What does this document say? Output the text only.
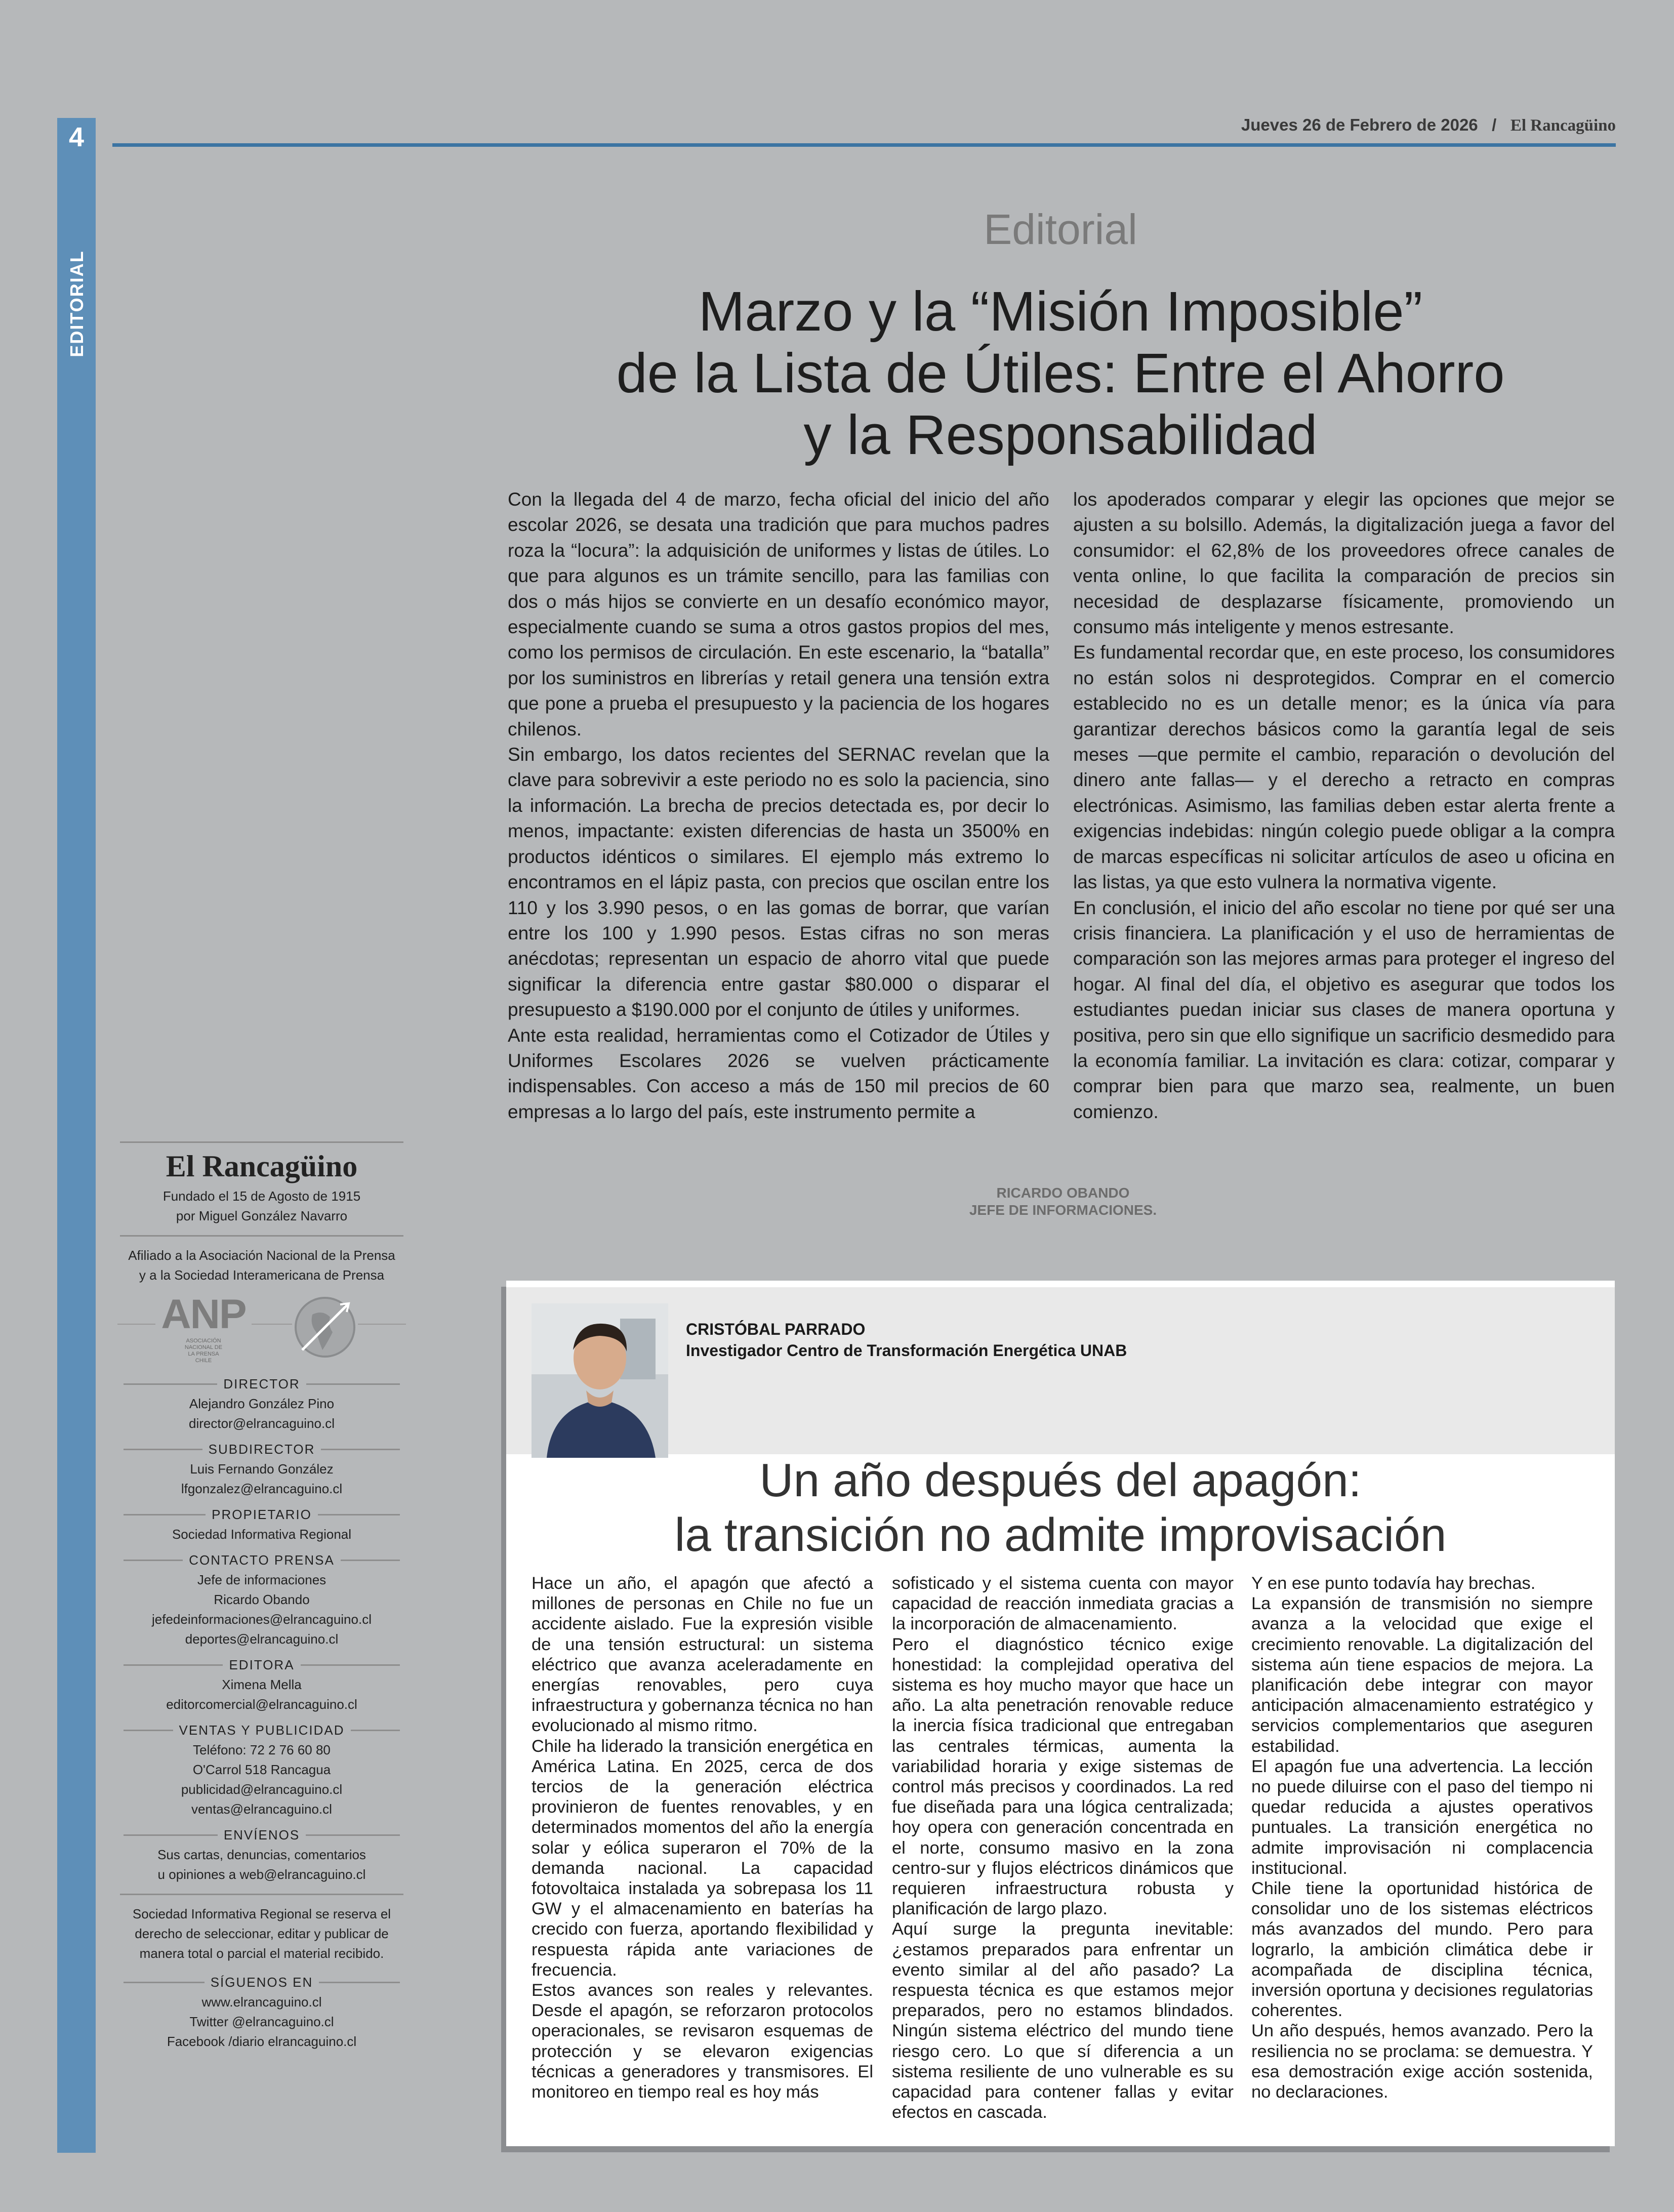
4
EDITORIAL
Jueves 26 de Febrero de 2026 / El Rancagüino
Editorial
Marzo y la “Misión Imposible”
de la Lista de Útiles: Entre el Ahorro
y la Responsabilidad

Con la llegada del 4 de marzo, fecha oficial del inicio del año escolar 2026, se desata una tradición que para muchos padres roza la “locura”: la adquisición de uniformes y listas de útiles. Lo que para algunos es un trámite sencillo, para las familias con dos o más hijos se convierte en un desafío económico mayor, especialmente cuando se suma a otros gastos propios del mes, como los permisos de circulación. En este escenario, la “batalla” por los suministros en librerías y retail genera una tensión extra que pone a prueba el presupuesto y la paciencia de los hogares chilenos.

Sin embargo, los datos recientes del SERNAC revelan que la clave para sobrevivir a este periodo no es solo la paciencia, sino la información. La brecha de precios detectada es, por decir lo menos, impactante: existen diferencias de hasta un 3500% en productos idénticos o similares. El ejemplo más extremo lo encontramos en el lápiz pasta, con precios que oscilan entre los 110 y los 3.990 pesos, o en las gomas de borrar, que varían entre los 100 y 1.990 pesos. Estas cifras no son meras anécdotas; representan un espacio de ahorro vital que puede significar la diferencia entre gastar $80.000 o disparar el presupuesto a $190.000 por el conjunto de útiles y uniformes.

Ante esta realidad, herramientas como el Cotizador de Útiles y Uniformes Escolares 2026 se vuelven prácticamente indispensables. Con acceso a más de 150 mil precios de 60 empresas a lo largo del país, este instrumento permite a

los apoderados comparar y elegir las opciones que mejor se ajusten a su bolsillo. Además, la digitalización juega a favor del consumidor: el 62,8% de los proveedores ofrece canales de venta online, lo que facilita la comparación de precios sin necesidad de desplazarse físicamente, promoviendo un consumo más inteligente y menos estresante.

Es fundamental recordar que, en este proceso, los consumidores no están solos ni desprotegidos. Comprar en el comercio establecido no es un detalle menor; es la única vía para garantizar derechos básicos como la garantía legal de seis meses —que permite el cambio, reparación o devolución del dinero ante fallas— y el derecho a retracto en compras electrónicas. Asimismo, las familias deben estar alerta frente a exigencias indebidas: ningún colegio puede obligar a la compra de marcas específicas ni solicitar artículos de aseo u oficina en las listas, ya que esto vulnera la normativa vigente.

En conclusión, el inicio del año escolar no tiene por qué ser una crisis financiera. La planificación y el uso de herramientas de comparación son las mejores armas para proteger el ingreso del hogar. Al final del día, el objetivo es asegurar que todos los estudiantes puedan iniciar sus clases de manera oportuna y positiva, pero sin que ello signifique un sacrificio desmedido para la economía familiar. La invitación es clara: cotizar, comparar y comprar bien para que marzo sea, realmente, un buen comienzo.

RICARDO OBANDO
JEFE DE INFORMACIONES.
El Rancagüino
Fundado el 15 de Agosto de 1915
por Miguel González Navarro
Afiliado a la Asociación Nacional de la Prensa
y a la Sociedad Interamericana de Prensa
ANP
ASOCIACIÓN NACIONAL DE LA PRENSA CHILE
DIRECTOR
Alejandro González Pino
director@elrancaguino.cl
SUBDIRECTOR
Luis Fernando González
lfgonzalez@elrancaguino.cl
PROPIETARIO
Sociedad Informativa Regional
CONTACTO PRENSA
Jefe de informaciones
Ricardo Obando
jefedeinformaciones@elrancaguino.cl
deportes@elrancaguino.cl
EDITORA
Ximena Mella
editorcomercial@elrancaguino.cl
VENTAS Y PUBLICIDAD
Teléfono: 72 2 76 60 80
O'Carrol 518 Rancagua
publicidad@elrancaguino.cl
ventas@elrancaguino.cl
ENVÍENOS
Sus cartas, denuncias, comentarios
u opiniones a web@elrancaguino.cl
Sociedad Informativa Regional se reserva el
derecho de seleccionar, editar y publicar de
manera total o parcial el material recibido.
SÍGUENOS EN
www.elrancaguino.cl
Twitter @elrancaguino.cl
Facebook /diario elrancaguino.cl
CRISTÓBAL PARRADO
Investigador Centro de Transformación Energética UNAB
Un año después del apagón:
la transición no admite improvisación

Hace un año, el apagón que afectó a millones de personas en Chile no fue un accidente aislado. Fue la expresión visible de una tensión estructural: un sistema eléctrico que avanza aceleradamente en energías renovables, pero cuya infraestructura y gobernanza técnica no han evolucionado al mismo ritmo.

Chile ha liderado la transición energética en América Latina. En 2025, cerca de dos tercios de la generación eléctrica provinieron de fuentes renovables, y en determinados momentos del año la energía solar y eólica superaron el 70% de la demanda nacional. La capacidad fotovoltaica instalada ya sobrepasa los 11 GW y el almacenamiento en baterías ha crecido con fuerza, aportando flexibilidad y respuesta rápida ante variaciones de frecuencia.

Estos avances son reales y relevantes. Desde el apagón, se reforzaron protocolos operacionales, se revisaron esquemas de protección y se elevaron exigencias técnicas a generadores y transmisores. El monitoreo en tiempo real es hoy más

sofisticado y el sistema cuenta con mayor capacidad de reacción inmediata gracias a la incorporación de almacenamiento.

Pero el diagnóstico técnico exige honestidad: la complejidad operativa del sistema es hoy mucho mayor que hace un año. La alta penetración renovable reduce la inercia física tradicional que entregaban las centrales térmicas, aumenta la variabilidad horaria y exige sistemas de control más precisos y coordinados. La red fue diseñada para una lógica centralizada; hoy opera con generación concentrada en el norte, consumo masivo en la zona centro-sur y flujos eléctricos dinámicos que requieren infraestructura robusta y planificación de largo plazo.

Aquí surge la pregunta inevitable: ¿estamos preparados para enfrentar un evento similar al del año pasado? La respuesta técnica es que estamos mejor preparados, pero no estamos blindados. Ningún sistema eléctrico del mundo tiene riesgo cero. Lo que sí diferencia a un sistema resiliente de uno vulnerable es su capacidad para contener fallas y evitar efectos en cascada.

Y en ese punto todavía hay brechas.

La expansión de transmisión no siempre avanza a la velocidad que exige el crecimiento renovable. La digitalización del sistema aún tiene espacios de mejora. La planificación debe integrar con mayor anticipación almacenamiento estratégico y servicios complementarios que aseguren estabilidad.

El apagón fue una advertencia. La lección no puede diluirse con el paso del tiempo ni quedar reducida a ajustes operativos puntuales. La transición energética no admite improvisación ni complacencia institucional.

Chile tiene la oportunidad histórica de consolidar uno de los sistemas eléctricos más avanzados del mundo. Pero para lograrlo, la ambición climática debe ir acompañada de disciplina técnica, inversión oportuna y decisiones regulatorias coherentes.

Un año después, hemos avanzado. Pero la resiliencia no se proclama: se demuestra. Y esa demostración exige acción sostenida, no declaraciones.
